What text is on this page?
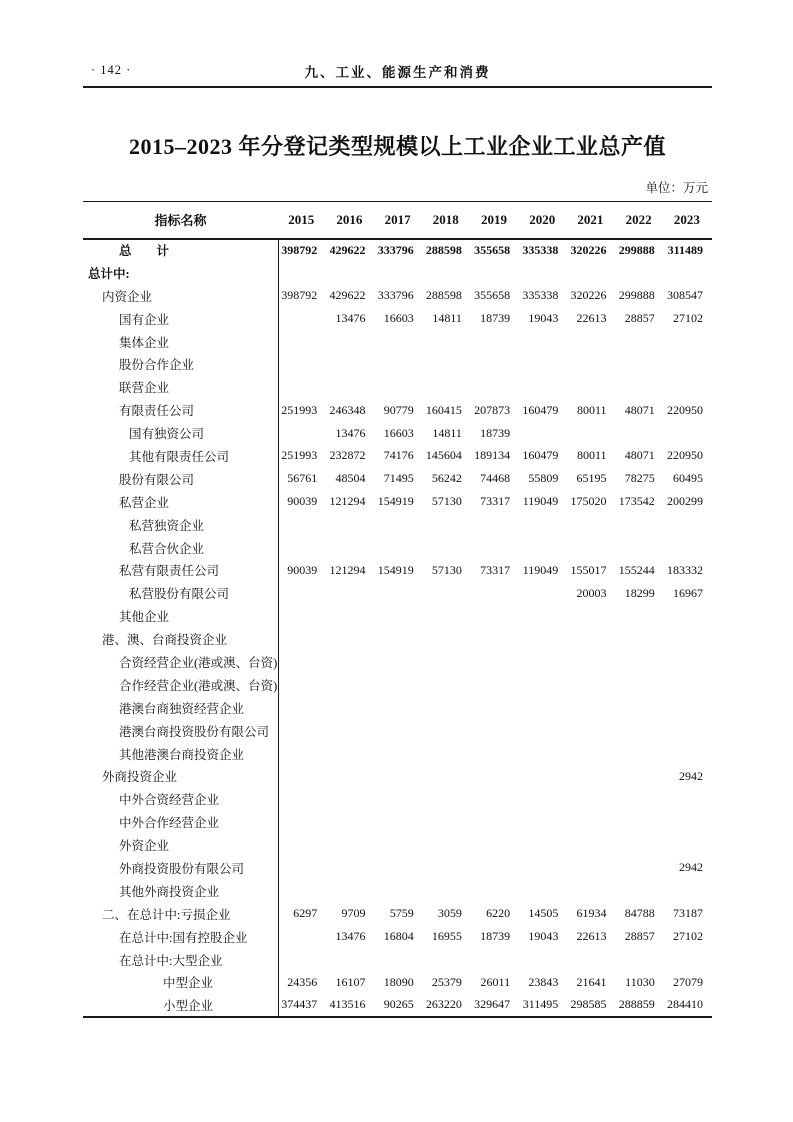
· 142 ·	九、工业、能源生产和消费
2015–2023 年分登记类型规模以上工业企业工业总产值
单位：万元
指标名称	2015	2016	2017	2018	2019	2020	2021	2022	2023
总　　计	398792	429622	333796	288598	355658	335338	320226	299888	311489
总计中:									
内资企业	398792	429622	333796	288598	355658	335338	320226	299888	308547
国有企业		13476	16603	14811	18739	19043	22613	28857	27102
集体企业									
股份合作企业									
联营企业									
有限责任公司	251993	246348	90779	160415	207873	160479	80011	48071	220950
国有独资公司		13476	16603	14811	18739				
其他有限责任公司	251993	232872	74176	145604	189134	160479	80011	48071	220950
股份有限公司	56761	48504	71495	56242	74468	55809	65195	78275	60495
私营企业	90039	121294	154919	57130	73317	119049	175020	173542	200299
私营独资企业									
私营合伙企业									
私营有限责任公司	90039	121294	154919	57130	73317	119049	155017	155244	183332
私营股份有限公司							20003	18299	16967
其他企业									
港、澳、台商投资企业									
合资经营企业(港或澳、台资)									
合作经营企业(港或澳、台资)									
港澳台商独资经营企业									
港澳台商投资股份有限公司									
其他港澳台商投资企业									
外商投资企业									2942
中外合资经营企业									
中外合作经营企业									
外资企业									
外商投资股份有限公司									2942
其他外商投资企业									
二、在总计中:亏损企业	6297	9709	5759	3059	6220	14505	61934	84788	73187
在总计中:国有控股企业		13476	16804	16955	18739	19043	22613	28857	27102
在总计中:大型企业									
中型企业	24356	16107	18090	25379	26011	23843	21641	11030	27079
小型企业	374437	413516	90265	263220	329647	311495	298585	288859	284410
